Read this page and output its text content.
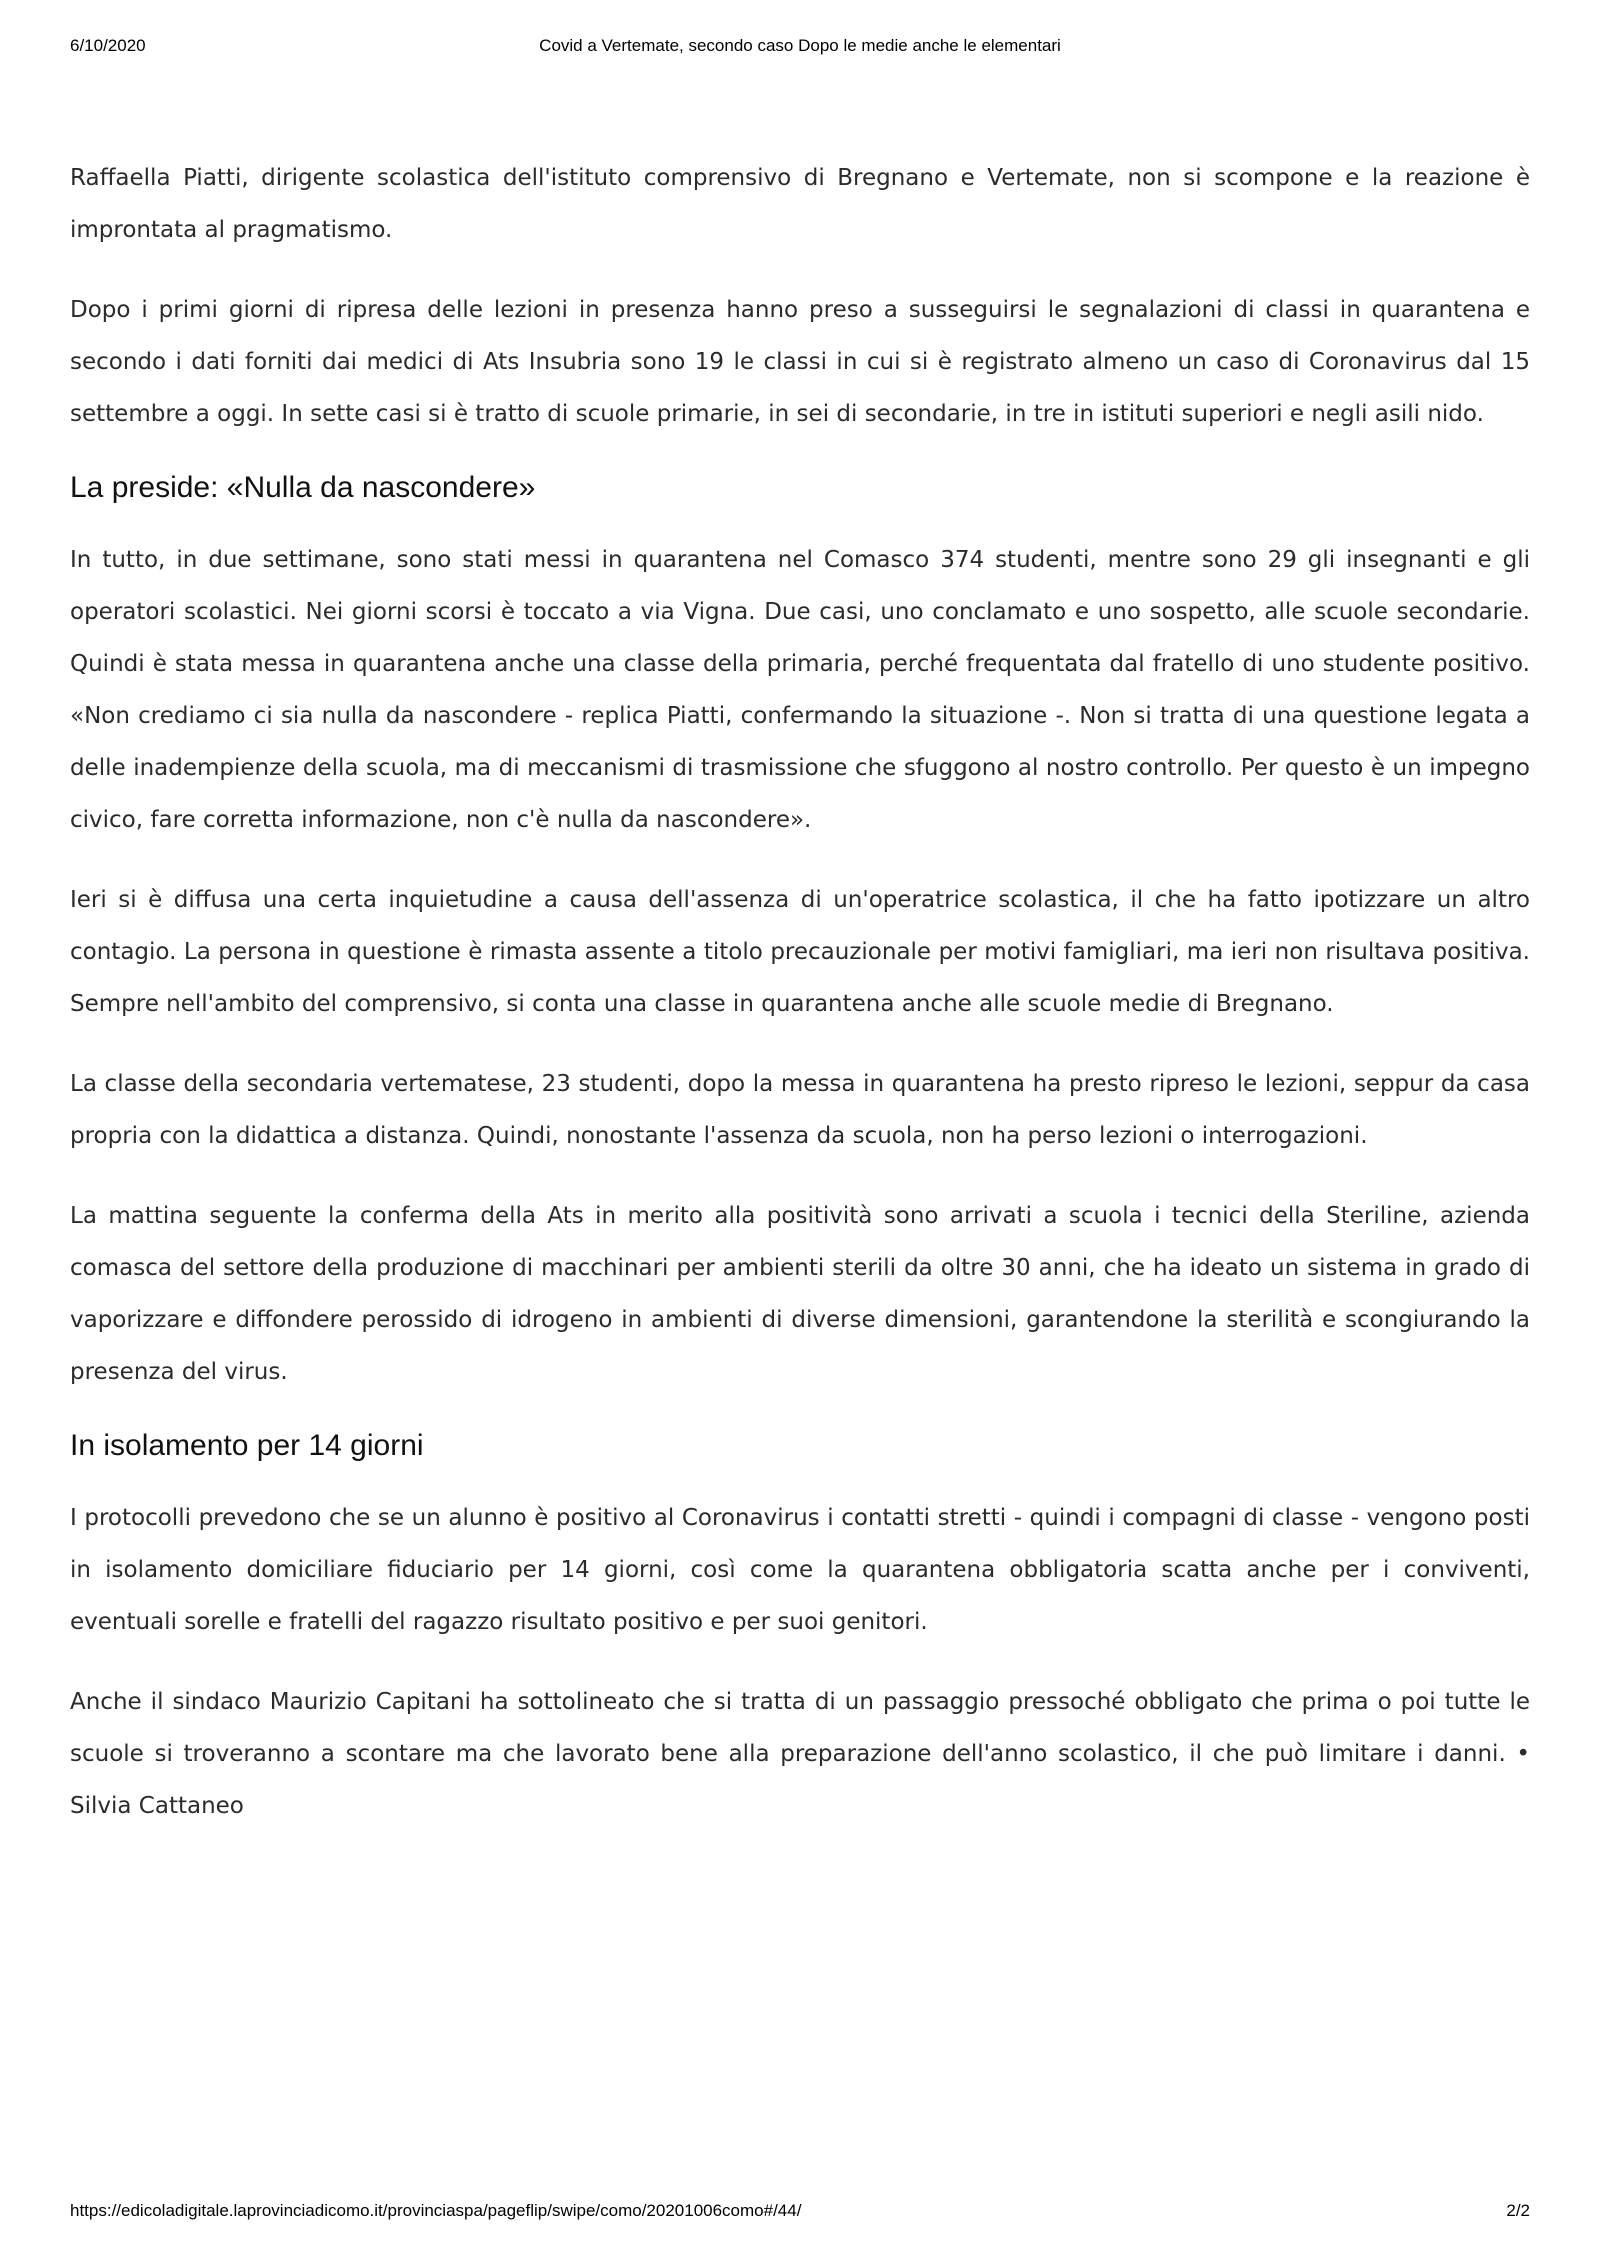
6/10/2020	Covid a Vertemate, secondo caso Dopo le medie anche le elementari

Raffaella Piatti, dirigente scolastica dell'istituto comprensivo di Bregnano e Vertemate, non si scompone e la reazione è improntata al pragmatismo.

Dopo i primi giorni di ripresa delle lezioni in presenza hanno preso a susseguirsi le segnalazioni di classi in quarantena e secondo i dati forniti dai medici di Ats Insubria sono 19 le classi in cui si è registrato almeno un caso di Coronavirus dal 15 settembre a oggi. In sette casi si è tratto di scuole primarie, in sei di secondarie, in tre in istituti superiori e negli asili nido.

La preside: «Nulla da nascondere»

In tutto, in due settimane, sono stati messi in quarantena nel Comasco 374 studenti, mentre sono 29 gli insegnanti e gli operatori scolastici. Nei giorni scorsi è toccato a via Vigna. Due casi, uno conclamato e uno sospetto, alle scuole secondarie. Quindi è stata messa in quarantena anche una classe della primaria, perché frequentata dal fratello di uno studente positivo. «Non crediamo ci sia nulla da nascondere - replica Piatti, confermando la situazione -. Non si tratta di una questione legata a delle inadempienze della scuola, ma di meccanismi di trasmissione che sfuggono al nostro controllo. Per questo è un impegno civico, fare corretta informazione, non c'è nulla da nascondere».

Ieri si è diffusa una certa inquietudine a causa dell'assenza di un'operatrice scolastica, il che ha fatto ipotizzare un altro contagio. La persona in questione è rimasta assente a titolo precauzionale per motivi famigliari, ma ieri non risultava positiva. Sempre nell'ambito del comprensivo, si conta una classe in quarantena anche alle scuole medie di Bregnano.

La classe della secondaria vertematese, 23 studenti, dopo la messa in quarantena ha presto ripreso le lezioni, seppur da casa propria con la didattica a distanza. Quindi, nonostante l'assenza da scuola, non ha perso lezioni o interrogazioni.

La mattina seguente la conferma della Ats in merito alla positività sono arrivati a scuola i tecnici della Steriline, azienda comasca del settore della produzione di macchinari per ambienti sterili da oltre 30 anni, che ha ideato un sistema in grado di vaporizzare e diffondere perossido di idrogeno in ambienti di diverse dimensioni, garantendone la sterilità e scongiurando la presenza del virus.

In isolamento per 14 giorni

I protocolli prevedono che se un alunno è positivo al Coronavirus i contatti stretti - quindi i compagni di classe - vengono posti in isolamento domiciliare fiduciario per 14 giorni, così come la quarantena obbligatoria scatta anche per i conviventi, eventuali sorelle e fratelli del ragazzo risultato positivo e per suoi genitori.

Anche il sindaco Maurizio Capitani ha sottolineato che si tratta di un passaggio pressoché obbligato che prima o poi tutte le scuole si troveranno a scontare ma che lavorato bene alla preparazione dell'anno scolastico, il che può limitare i danni. • Silvia Cattaneo

https://edicoladigitale.laprovinciadicomo.it/provinciaspa/pageflip/swipe/como/20201006como#/44/	2/2
